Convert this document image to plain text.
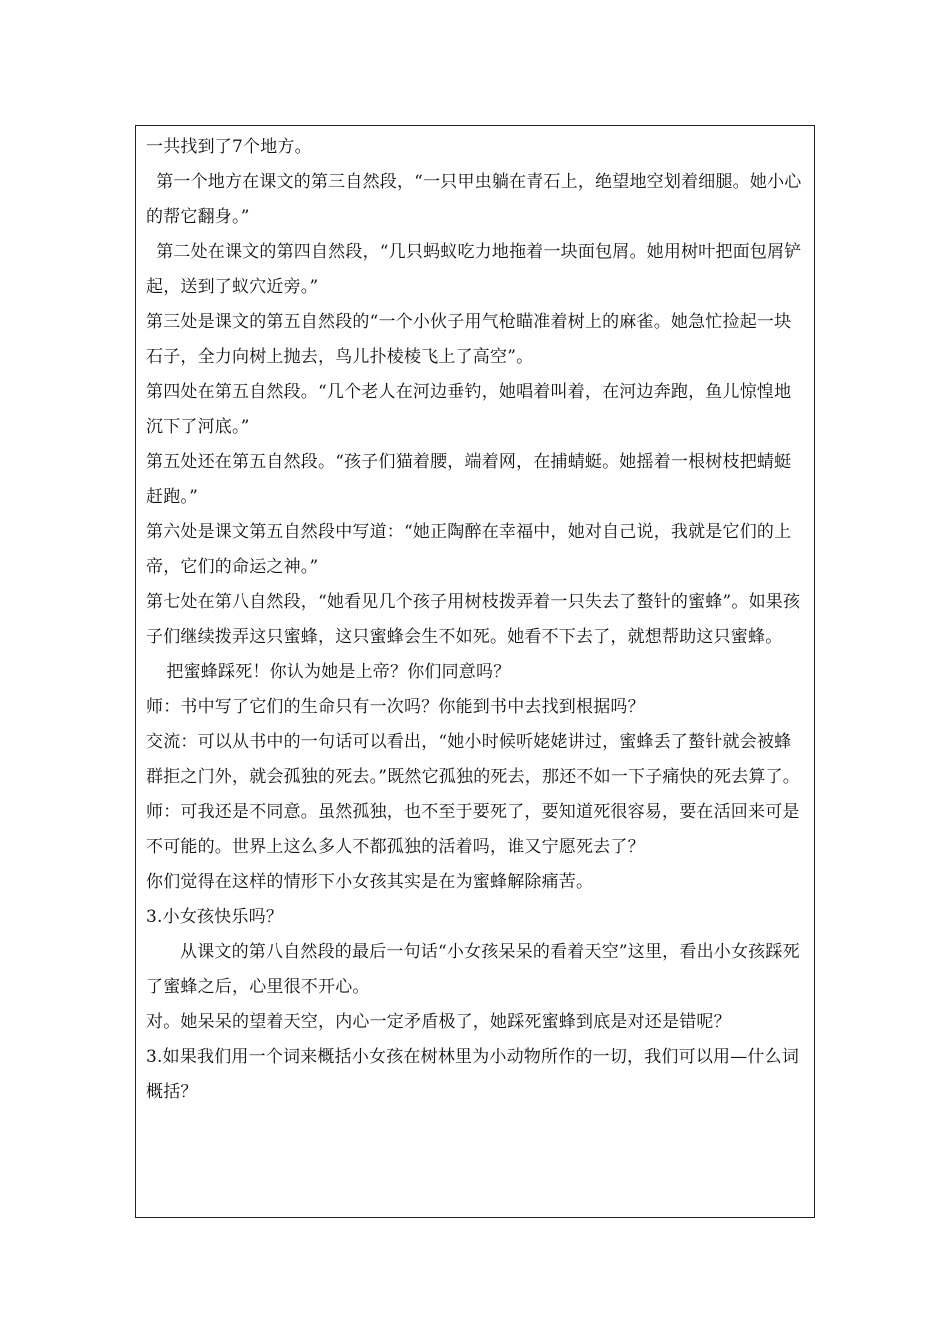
一共找到了7个地方。

第一个地方在课文的第三自然段，“一只甲虫躺在青石上，绝望地空划着细腿。她小心的帮它翻身。”

第二处在课文的第四自然段，“几只蚂蚁吃力地拖着一块面包屑。她用树叶把面包屑铲起，送到了蚁穴近旁。”

第三处是课文的第五自然段的“一个小伙子用气枪瞄准着树上的麻雀。她急忙捡起一块石子，全力向树上抛去，鸟儿扑棱棱飞上了高空”。

第四处在第五自然段。“几个老人在河边垂钓，她唱着叫着，在河边奔跑，鱼儿惊惶地沉下了河底。”

第五处还在第五自然段。“孩子们猫着腰，端着网，在捕蜻蜓。她摇着一根树枝把蜻蜓赶跑。”

第六处是课文第五自然段中写道：“她正陶醉在幸福中，她对自己说，我就是它们的上帝，它们的命运之神。”

第七处在第八自然段，“她看见几个孩子用树枝拨弄着一只失去了螯针的蜜蜂”。如果孩子们继续拨弄这只蜜蜂，这只蜜蜂会生不如死。她看不下去了，就想帮助这只蜜蜂。

把蜜蜂踩死！你认为她是上帝？你们同意吗？

师：书中写了它们的生命只有一次吗？你能到书中去找到根据吗？

交流：可以从书中的一句话可以看出，“她小时候听姥姥讲过，蜜蜂丢了螯针就会被蜂群拒之门外，就会孤独的死去。”既然它孤独的死去，那还不如一下子痛快的死去算了。

师：可我还是不同意。虽然孤独，也不至于要死了，要知道死很容易，要在活回来可是不可能的。世界上这么多人不都孤独的活着吗，谁又宁愿死去了？

你们觉得在这样的情形下小女孩其实是在为蜜蜂解除痛苦。

3.小女孩快乐吗？

从课文的第八自然段的最后一句话“小女孩呆呆的看着天空”这里，看出小女孩踩死了蜜蜂之后，心里很不开心。

对。她呆呆的望着天空，内心一定矛盾极了，她踩死蜜蜂到底是对还是错呢？

3.如果我们用一个词来概括小女孩在树林里为小动物所作的一切，我们可以用—什么词概括？
